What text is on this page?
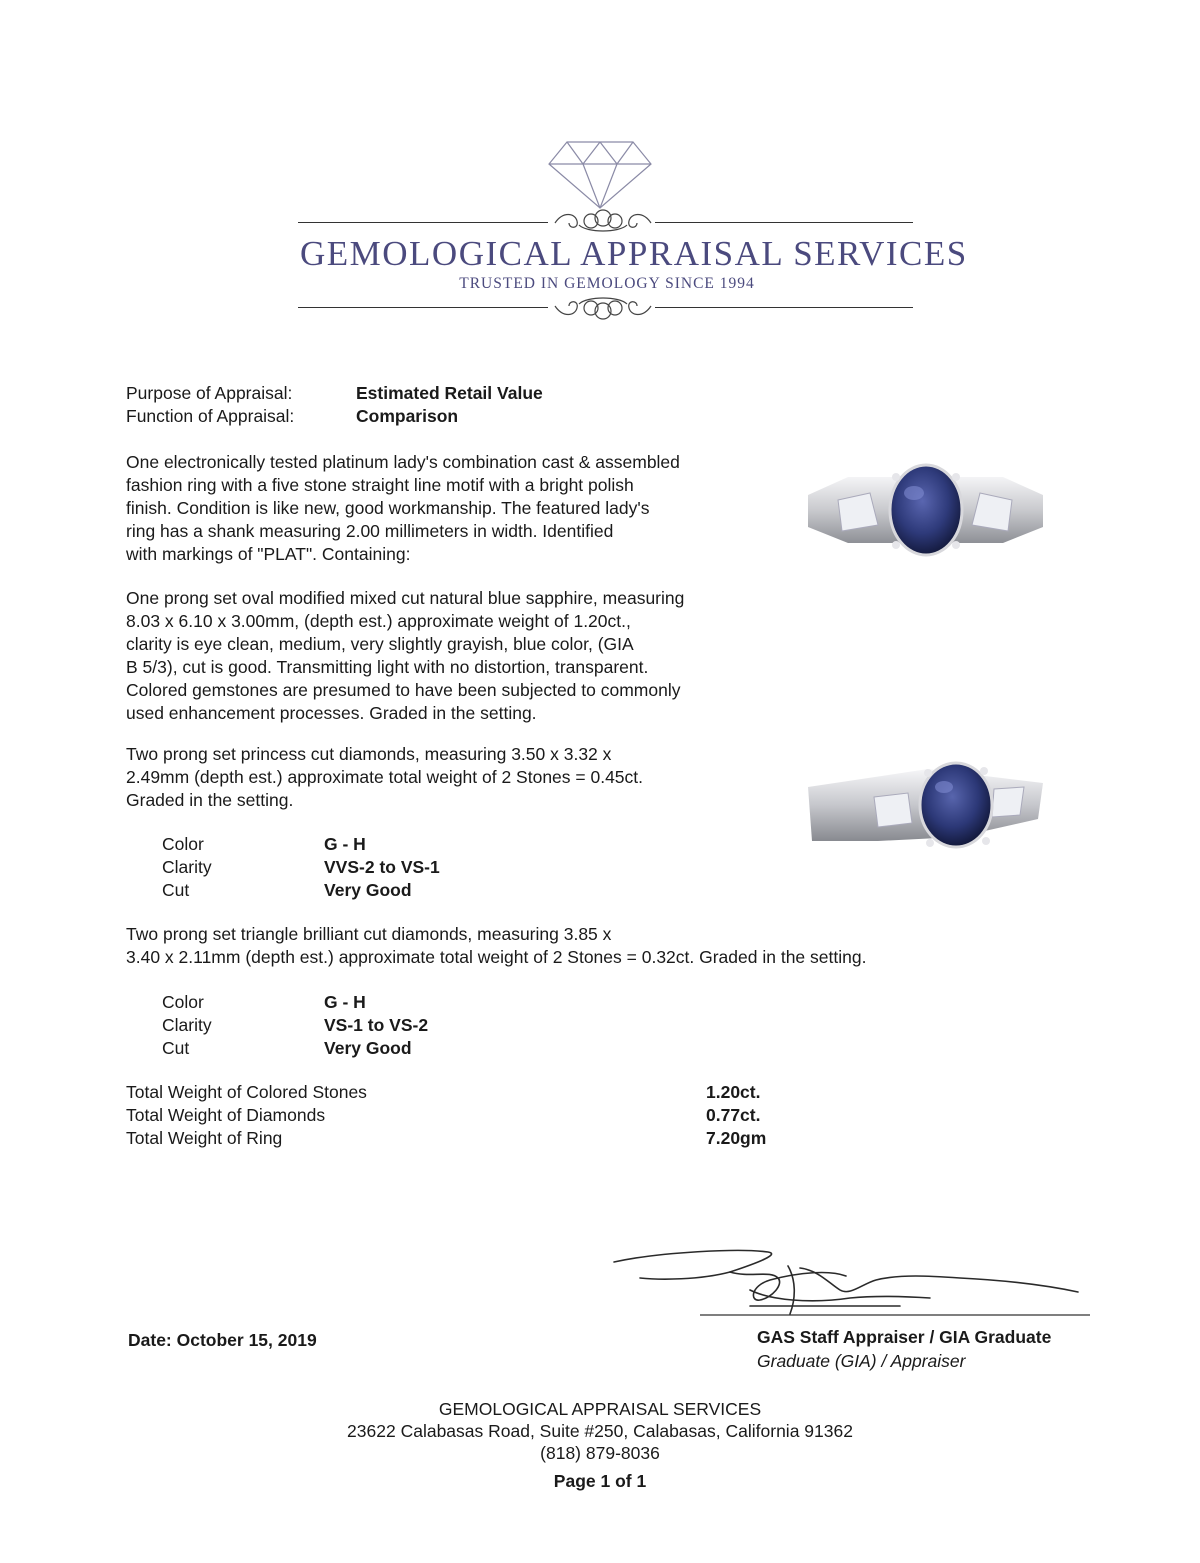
GEMOLOGICAL APPRAISAL SERVICES
TRUSTED IN GEMOLOGY SINCE 1994
Purpose of Appraisal:	Estimated Retail Value
Function of Appraisal:	Comparison
One electronically tested platinum lady's combination cast & assembled
fashion ring with a five stone straight line motif with a bright polish
finish. Condition is like new, good workmanship. The featured lady's
ring has a shank measuring 2.00 millimeters in width. Identified
with markings of "PLAT". Containing:
One prong set oval modified mixed cut natural blue sapphire, measuring
8.03 x 6.10 x 3.00mm, (depth est.) approximate weight of 1.20ct.,
clarity is eye clean, medium, very slightly grayish, blue color, (GIA
B 5/3), cut is good. Transmitting light with no distortion, transparent.
Colored gemstones are presumed to have been subjected to commonly
used enhancement processes. Graded in the setting.
Two prong set princess cut diamonds, measuring 3.50 x 3.32 x
2.49mm (depth est.) approximate total weight of 2 Stones = 0.45ct.
Graded in the setting.
Color	G - H
Clarity	VVS-2 to VS-1
Cut	Very Good
Two prong set triangle brilliant cut diamonds, measuring 3.85 x
3.40 x 2.11mm (depth est.) approximate total weight of 2 Stones = 0.32ct. Graded in the setting.
Color	G - H
Clarity	VS-1 to VS-2
Cut	Very Good
Total Weight of Colored Stones	1.20ct.
Total Weight of Diamonds	0.77ct.
Total Weight of Ring	7.20gm
Date: October 15, 2019	GAS Staff Appraiser / GIA Graduate
Graduate (GIA) / Appraiser
GEMOLOGICAL APPRAISAL SERVICES
23622 Calabasas Road, Suite #250, Calabasas, California 91362
(818) 879-8036
Page 1 of 1
